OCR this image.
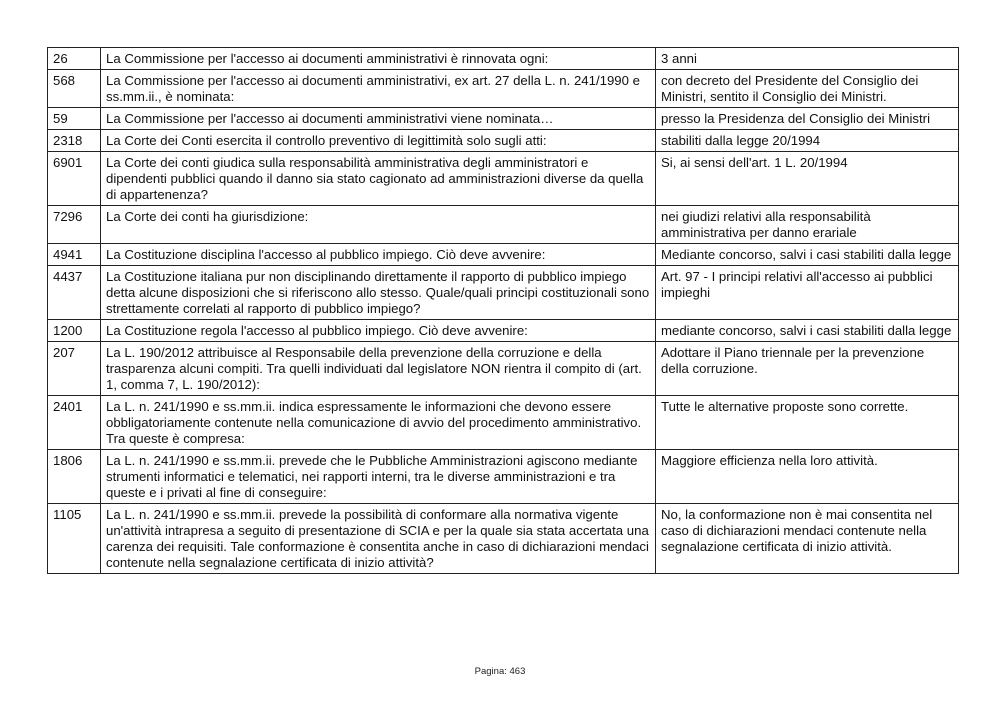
26	La Commissione per l'accesso ai documenti amministrativi è rinnovata ogni:	3 anni
568	La Commissione per l'accesso ai documenti amministrativi, ex art. 27 della L. n. 241/1990 e ss.mm.ii., è nominata:	con decreto del Presidente del Consiglio dei Ministri, sentito il Consiglio dei Ministri.
59	La Commissione per l'accesso ai documenti amministrativi viene nominata…	presso la Presidenza del Consiglio dei Ministri
2318	La Corte dei Conti esercita il controllo preventivo di legittimità solo sugli atti:	stabiliti dalla legge 20/1994
6901	La Corte dei conti giudica sulla responsabilità amministrativa degli amministratori e dipendenti pubblici quando il danno sia stato cagionato ad amministrazioni diverse da quella di appartenenza?	Si, ai sensi dell'art. 1 L. 20/1994
7296	La Corte dei conti ha giurisdizione:	nei giudizi relativi alla responsabilità amministrativa per danno erariale
4941	La Costituzione disciplina l'accesso al pubblico impiego. Ciò deve avvenire:	Mediante concorso, salvi i casi stabiliti dalla legge
4437	La Costituzione italiana pur non disciplinando direttamente il rapporto di pubblico impiego detta alcune disposizioni che si riferiscono allo stesso. Quale/quali principi costituzionali sono strettamente correlati al rapporto di pubblico impiego?	Art. 97 - I principi relativi all'accesso ai pubblici impieghi
1200	La Costituzione regola l'accesso al pubblico impiego. Ciò deve avvenire:	mediante concorso, salvi i casi stabiliti dalla legge
207	La L. 190/2012 attribuisce al Responsabile della prevenzione della corruzione e della trasparenza alcuni compiti. Tra quelli individuati dal legislatore NON rientra il compito di (art. 1, comma 7, L. 190/2012):	Adottare il Piano triennale per la prevenzione della corruzione.
2401	La L. n. 241/1990 e ss.mm.ii. indica espressamente le informazioni che devono essere obbligatoriamente contenute nella comunicazione di avvio del procedimento amministrativo. Tra queste è compresa:	Tutte le alternative proposte sono corrette.
1806	La L. n. 241/1990 e ss.mm.ii. prevede che le Pubbliche Amministrazioni agiscono mediante strumenti informatici e telematici, nei rapporti interni, tra le diverse amministrazioni e tra queste e i privati al fine di conseguire:	Maggiore efficienza nella loro attività.
1105	La L. n. 241/1990 e ss.mm.ii. prevede la possibilità di conformare alla normativa vigente un'attività intrapresa a seguito di presentazione di SCIA e per la quale sia stata accertata una carenza dei requisiti. Tale conformazione è consentita anche in caso di dichiarazioni mendaci contenute nella segnalazione certificata di inizio attività?	No, la conformazione non è mai consentita nel caso di dichiarazioni mendaci contenute nella segnalazione certificata di inizio attività.
Pagina: 463
